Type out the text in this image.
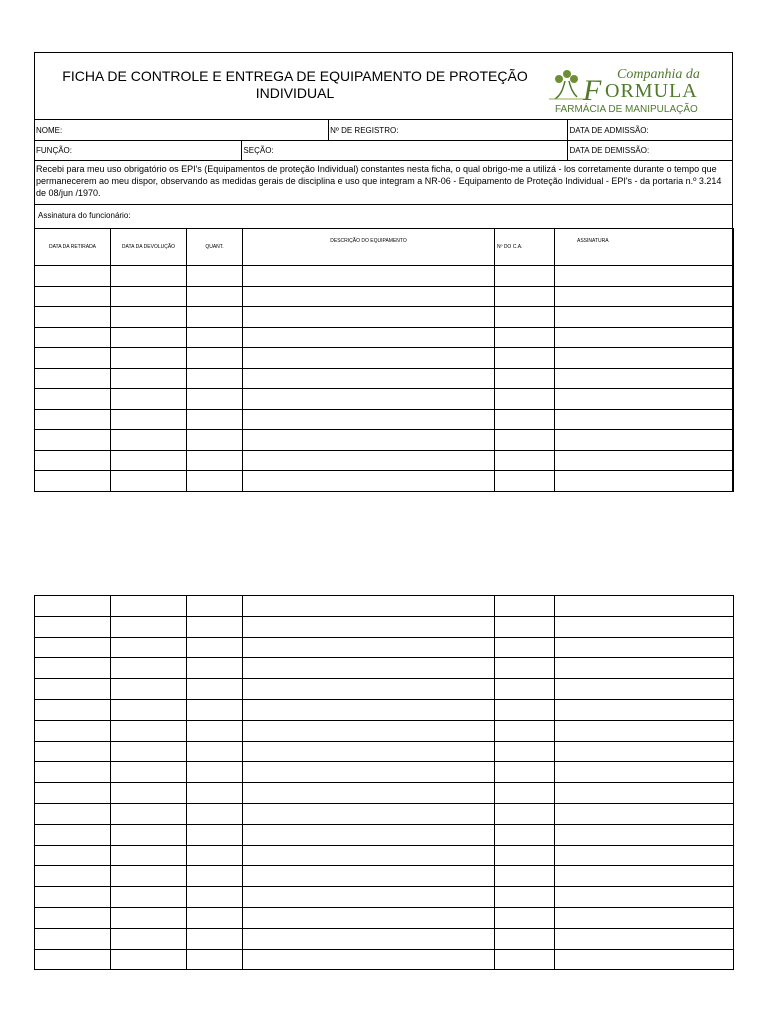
FICHA DE CONTROLE E ENTREGA DE EQUIPAMENTO DE PROTEÇÃO INDIVIDUAL
Companhia da
F ORMULA
FARMÁCIA DE MANIPULAÇÃO
NOME:	Nº DE REGISTRO:	DATA DE ADMISSÃO:
FUNÇÃO:	SEÇÃO:	DATA DE DEMISSÃO:
Recebi para meu uso obrigatório os EPI's (Equipamentos de proteção Individual) constantes nesta ficha, o qual obrigo-me a utilizá - los corretamente durante o tempo que permanecerem ao meu dispor, observando as medidas gerais de disciplina e uso que integram a NR-06 - Equipamento de Proteção Individual - EPI's - da portaria n.º 3.214 de 08/jun /1970.
Assinatura do funcionário:
DATA DA RETIRADA	DATA DA DEVOLUÇÃO	QUANT.	DESCRIÇÃO DO EQUIPAMENTO	Nº DO C.A.	ASSINATURA
